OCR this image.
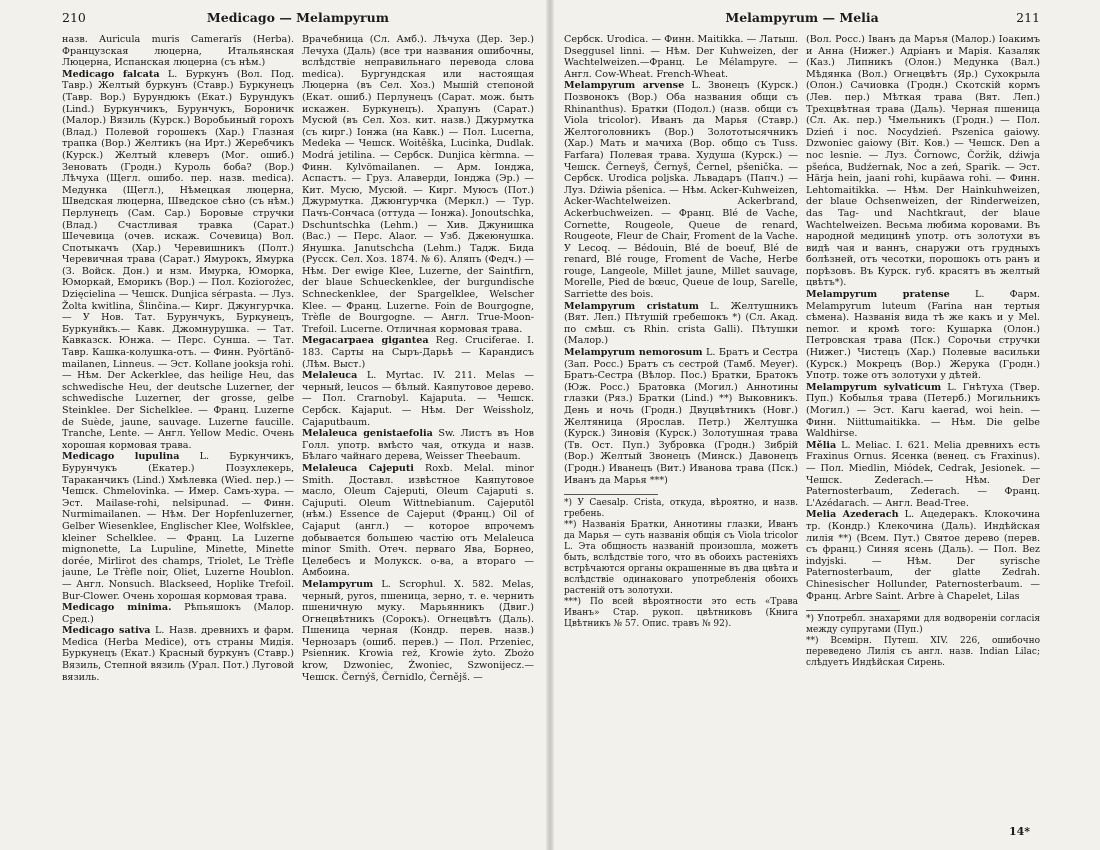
210	Medicago — Melampyrum

назв. Auricula muris Camerarïs (Herba). Французская люцерна, Итальянская Люцерна, Испанская люцерна (съ нѣм.)

Medicago falcata L. Буркунъ (Вол. Под. Тавр.) Желтый буркунъ (Ставр.) Буркунецъ (Тавр. Вор.) Бурундюкъ (Екат.) Бурундукъ (Lind.) Буркунчикъ, Бурунчукъ, Бороничк (Малор.) Вязиль (Курск.) Воробьиный горохъ (Влад.) Полевой горошекъ (Хар.) Глазная трапка (Вор.) Желтикъ (на Ирт.) Жеребчикъ (Курск.) Желтый клеверъ (Мог. ошиб.) Зеновать (Гродн.) Куроль боба? (Вор.) Лѣчуха (Щегл. ошибо. пер. назв. medica). Медунка (Щегл.), Нѣмецкая люцерна, Шведская люцерна, Шведское сѣно (съ нѣм.) Перлунецъ (Сам. Сар.) Боровые стручки (Влад.) Счастливая травка (Сарат.) Шечевица (очев. искаж. Сочевица) Вол. Спотыкачъ (Хар.) Черевишникъ (Полт.) Черевичная трава (Сарат.) Ямурокъ, Ямурка (З. Войск. Дон.) и нзм. Имурка, Юморка, Юморкай, Еморикъ (Вор.) — Пол. Koziorożec, Dzięcielina — Чешск. Dunjica sérpasta. — Луз. Žolta kwitlina, Šlinčina.— Кирг. Джунгурчка. — У Нов. Тат. Бурунчукъ, Буркунецъ, Буркунйкъ.— Кавк. Джомнурушка. — Тат. Кавказск. Юнжа. — Перс. Сунша. — Тат. Тавр. Кашка-колушка-отъ. — Финн. Pyörtänö-mailanen, Linneus. — Эст. Kollane jooksja rohi. — Нѣм. Der Ackerklee, das heilige Heu, das schwedische Heu, der deutsche Luzerner, der schwedische Luzerner, der grosse, gelbe Steinklee. Der Sichelklee. — Франц. Luzerne de Suède, jaune, sauvage. Luzerne faucille. Tranche, Lente. — Англ. Yellow Medic. Очень хорошая кормовая трава.

Medicago lupulina L. Буркунчикъ, Бурунчукъ (Екатер.) Позухлекерь, Тараканчикъ (Lind.) Хмѣлевка (Wied. пер.) — Чешск. Chmelovinka. — Имер. Самъ-хура. — Эст. Mailase-rohi, nelsiрunad. — Финн. Nurmimailanen. — Нѣм. Der Hopfenluzerner, Gelber Wiesenklee, Englischer Klee, Wolfsklee, kleiner Schelklee. — Франц. La Luzerne mignonette, La Lupuline, Minette, Minette dorée, Mirlirot des champs, Triolet, Le Trèfle jaune, Le Trèfle noir, Oliet, Luzerne Houblon. — Англ. Nonsuch. Blackseed, Hoplike Trefoil. Bur-Clower. Очень хорошая кормовая трава.

Medicago minima. Рѣпьяшокъ (Малор. Сред.)

Medicago sativa L. Назв. древнихъ и фарм. Medica (Herba Medice), отъ страны Мидія. Буркунецъ (Екат.) Красный буркунъ (Ставр.) Вязиль, Степной вязиль (Урал. Пот.) Луговой вязиль.

Врачебница (Сл. Амб.). Лѣчуха (Дер. Зер.) Лечуха (Даль) (все три названия ошибочны, вслѣдствіе неправильнаго перевода слова medica). Бургундская или настоящая Люцерна (въ Сел. Хоз.) Мышій степоной (Екат. ошиб.) Перлунецъ (Сарат. мож. быть искажен. Буркунецъ). Храпунъ (Сарат.) Мусюй (въ Сел. Хоз. кит. назв.) Джурмутка (съ кирг.) Іонжа (на Кавк.) — Пол. Lucerna, Medeka — Чешск. Woitěška, Lucinka, Dudlak. Modrá jetilina. — Сербск. Dunjica kèrmna. — Финн. Kylvömailanen. — Арм. Іонджа, Аспастъ. — Груз. Алаверди, Іонджа (Эр.) — Кит. Мусю, Мусюй. — Кирг. Муюсъ (Пот.) Джурмутка. Джюнгурчка (Меркл.) — Тур. Пачъ-Сончаса (оттуда — Іонжа). Jonoutschka, Dschuntschka (Lehm.) — Хив. Джунишка (Вас.) — Перс. Alaor. — Узб. Джеюнушка. Янушка. Janutschcha (Lehm.) Тадж. Бида (Русск. Сел. Хоз. 1874. № 6). Аляпъ (Федч.) — Нѣм. Der ewige Klee, Luzerne, der Saintfirn, der blaue Schueckenklee, der burgundische Schneckenklee, der Spargelklee, Welscher Klee. — Франц. Luzerne. Foin de Bourgogne, Trèfle de Bourgogne. — Англ. True-Moon-Trefoil. Lucerne. Отличная кормовая трава.

Megacarpaea gigantea Reg. Cruciferae. I. 183. Сарты на Сыръ-Дарьѣ — Карандисъ (Лѣм. Выст.)

Melaleuca L. Myrtac. IV. 211. Melas — черный, leucos — бѣлый. Каяпутовое дерево. — Пол. Crarnobyl. Kajaputa. — Чешск. Сербск. Kajaput. — Нѣм. Der Weissholz, Cajaputbaum.

Melaleuca genistaefolia Sw. Листъ въ Нов Голл. употр. вмѣсто чая, откуда и назв. Бѣлаго чайнаго дерева, Weisser Theebaum.

Melaleuca Cajeputi Roxb. Melal. minor Smith. Доставл. извѣстное Каяпутовое масло, Oleum Cajeputi, Oleum Cajaputi s. Cajuputi. Oleum Wittnebianum. Cajeputöl (нѣм.) Essence de Cajeput (Франц.) Oil of Cajaput (англ.) — которое впрочемъ добывается большею частію отъ Melaleuca minor Smith. Отеч. перваго Ява, Борнео, Целебесъ и Молукск. о-ва, а втораго — Амбоина.

Melampyrum L. Scrophul. X. 582. Melas, черный, pyros, пшеница, зерно, т. е. чернить пшеничную муку. Марьянникъ (Двиг.) Огнецвѣтникъ (Сорокъ). Огнецвѣтъ (Даль). Пшеница черная (Кондр. перев. назв.) Чернозаръ (ошиб. перев.) — Пол. Przeniec, Psienник. Krowia reż, Krowie żyto. Zbożo krow, Dzwoniec, Żwoniec, Szwonijecz.— Чешск. Černýš, Černidlo, Černějš. —

Melampyrum — Melia	211

Сербск. Urodica. — Финн. Maitikka. — Латыш. Dseggusel linni. — Нѣм. Der Kuhweizen, der Wachtelweizen.—Франц. Le Mélampyre. — Англ. Cow-Wheat. French-Wheat.

Melampyrum arvense L. Звонецъ (Курск.) Позвонокъ (Вор.) Оба названия общи съ Rhinanthus). Братки (Подол.) (назв. общи съ Viola tricolor). Иванъ да Марья (Ставр.) Желтоголовникъ (Вор.) Золототысячникъ (Хар.) Мать и мачиха (Вор. общо съ Tuss. Farfara) Полевая трава. Худуша (Курск.) — Чешск. Černeyš, Černyš, Černel, pšenička. — Сербск. Urodica poljska. Львадаръ (Папч.) — Луз. Dźiwia pšenica. — Нѣм. Acker-Kuhweizen, Acker-Wachtelweizen. Ackerbrand, Ackerbuchweizen. — Франц. Blé de Vache, Cornette, Rougeole, Queue de renard, Rougeote, Fleur de Chair, Froment de la Vache. У Lecoq. — Bédouin, Blé de boeuf, Blé de renard, Blé rouge, Froment de Vache, Herbe rouge, Langeole, Millet jaune, Millet sauvage, Morelle, Pied de bœuc, Queue de loup, Sarelle, Sarriette des bois.

Melampyrum cristatum L. Желтушникъ (Вят. Леп.) Пѣтушій гребешокъ *) (Сл. Акад. по смѣш. съ Rhin. crista Galli). Пѣтушки (Малор.)

Melampyrum nemorosum L. Братъ и Сестра (Зап. Росс.) Братъ съ сестрой (Тамб. Meyer). Братъ-Сестра (Вѣлор. Пос.) Братки, Братокъ (Юж. Росс.) Братовка (Могил.) Аннотины глазки (Ряз.) Братки (Lind.) **) Выковникъ. День и ночь (Гродн.) Двуцвѣтникъ (Новг.) Желтяница (Ярослав. Петр.) Желтушка (Курск.) Зиновія (Курск.) Золотушная трава (Тв. Ост. Пуп.) Зубровка (Гродн.) Зибрій (Вор.) Желтый Звонецъ (Минск.) Давонецъ (Гродн.) Иванецъ (Вит.) Иванова трава (Пск.) Иванъ да Марья ***)

*) У Caesalp. Crista, откуда, вѣроятно, и назв. гребень.

**) Названія Братки, Аннотины глазки, Иванъ да Марья — суть названія общія съ Viola tricolor L. Эта общность названій произошла, можетъ быть, вслѣдствіе того, что въ обоихъ растеніяхъ встрѣчаются органы окрашенные въ два цвѣта и вслѣдствіе одинаковаго употребленія обоихъ растеній отъ золотухи.

***) По всей вѣроятности это есть «Трава Иванъ» Стар. рукоп. цвѣтниковъ (Книга Цвѣтникъ № 57. Опис. травъ № 92).

(Вол. Росс.) Іванъ да Маръя (Малор.) Іоакимъ и Анна (Нижег.) Адріанъ и Марія. Казаляк (Каз.) Липникъ (Олон.) Медунка (Вал.) Мѣдянка (Вол.) Огнецвѣтъ (Яр.) Сухокрыла (Олон.) Сачиовка (Гродн.) Скотскій кормъ (Лев. пер.) Мѣткая трава (Вят. Леп.) Трехцвѣтная трава (Даль). Черная пшеница (Сл. Ак. пер.) Чмельникъ (Гродн.) — Пол. Dzień i noc. Nocydzień. Pszenica gaiowy. Dzwoniec gaiowy (Віт. Ков.) — Чешск. Den a noc lesnie. — Луз. Čornowc, Čoržik, dźiwja pšeńca, Budźernak, Noc a zeń, Sparik. — Эст. Härja hein, jaani rohi, kupäawa rohi. — Финн. Lehtomaitikka. — Нѣм. Der Hainkuhweizen, der blaue Ochsenweizen, der Rinderweizen, das Tag- und Nachtkraut, der blaue Wachtelweizen. Весьма любима коровами. Въ народной медицинѣ употр. отъ золотухи въ видѣ чая и ваннъ, снаружи отъ грудныхъ болѣзней, отъ чесотки, порошокъ отъ ранъ и порѣзовъ. Въ Курск. губ. красятъ въ желтый цвѣтъ*).

Melampyrum pratense L. Фарм. Melampyrum luteum (Farina нан тертыя сѣмена). Названія вида тѣ же какъ и у Mel. nemor. и кромѣ того: Кушарка (Олон.) Петровская трава (Пск.) Сорочьи стручки (Нижег.) Чистецъ (Хар.) Полевые васильки (Курск.) Мокрецъ (Вор.) Жерука (Гродн.) Употр. тоже отъ золотухи у дѣтей.

Melampyrum sylvaticum L. Гнѣтуха (Твер. Пуп.) Кобылья трава (Петерб.) Могильникъ (Могил.) — Эст. Karu kaerad, woi hein. — Финн. Niittumaitikka. — Нѣм. Die gelbe Waldhirse.

Mělia L. Meliac. I. 621. Melia древнихъ есть Fraxinus Ornus. Ясенка (венец. съ Fraxinus). — Пол. Miedlin, Miódek, Cedrak, Jesionek. — Чешск. Zederach.— Нѣм. Der Paternosterbaum, Zederach. — Франц. L'Azédarach. — Англ. Bead-Tree.

Melia Azederach L. Ацедеракъ. Клокочина тр. (Кондр.) Клекочина (Даль). Индѣйская лилія **) (Всем. Пут.) Святое дерево (перев. съ франц.) Синяя ясень (Даль). — Пол. Bez indyjski. — Нѣм. Der syrische Paternosterbaum, der glatte Zedrah. Chinesischer Hollunder, Paternosterbaum. — Франц. Arbre Saint. Arbre à Chapelet, Lilas

*) Употребл. знахарями для водвореніи согласія между супругами (Пуп.)

**) Всемірн. Путеш. XIV. 226, ошибочно переведено Лилія съ англ. назв. Indian Lilac; слѣдуетъ Индѣйская Сирень.

14*
